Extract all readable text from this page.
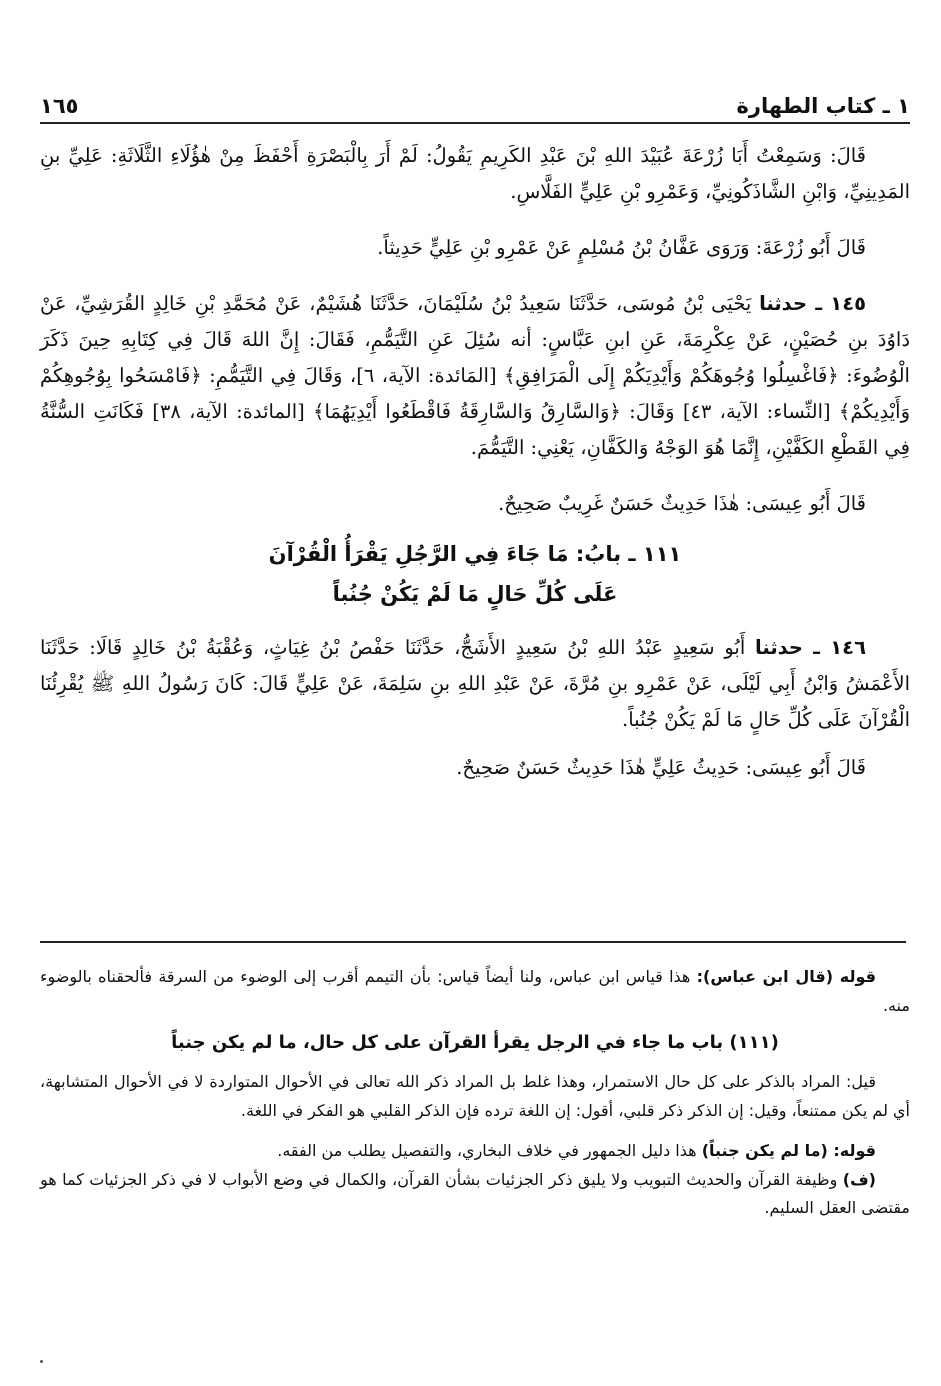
١ ـ كتاب الطهارة
١٦٥

قَالَ: وَسَمِعْتُ أَبَا زُرْعَةَ عُبَيْدَ اللهِ بْنَ عَبْدِ الكَرِيمِ يَقُولُ: لَمْ أَرَ بِالْبَصْرَةِ أَحْفَظَ مِنْ هٰؤُلَاءِ الثَّلَاثَةِ: عَلِيِّ بنِ المَدِينِيِّ، وَابْنِ الشَّاذَكُونِيِّ، وَعَمْرِو بْنِ عَلِيٍّ الفَلَّاسِ.

قَالَ أَبُو زُرْعَةَ: وَرَوَى عَفَّانُ بْنُ مُسْلِمٍ عَنْ عَمْرِو بْنِ عَلِيٍّ حَدِيثاً.

١٤٥ ـ حدثنا يَحْيَى بْنُ مُوسَى، حَدَّثَنَا سَعِيدُ بْنُ سُلَيْمَانَ، حَدَّثَنَا هُشَيْمٌ، عَنْ مُحَمَّدِ بْنِ خَالِدٍ القُرَشِيِّ، عَنْ دَاوُدَ بنِ حُصَيْنٍ، عَنْ عِكْرِمَةَ، عَنِ ابنِ عَبَّاسٍ: أنه سُئِلَ عَنِ التَّيَمُّمِ، فَقَالَ: إِنَّ اللهَ قَالَ فِي كِتَابِهِ حِينَ ذَكَرَ الْوُضُوءَ: ﴿فَاغْسِلُوا وُجُوهَكُمْ وَأَيْدِيَكُمْ إِلَى الْمَرَافِقِ﴾ [المَائدة: الآية، ٦]، وَقَالَ فِي التَّيَمُّمِ: ﴿فَامْسَحُوا بِوُجُوهِكُمْ وَأَيْدِيكُمْ﴾ [النِّساء: الآية، ٤٣] وَقَالَ: ﴿وَالسَّارِقُ وَالسَّارِقَةُ فَاقْطَعُوا أَيْدِيَهُمَا﴾ [المائدة: الآية، ٣٨] فَكَانَتِ السُّنَّةُ فِي القَطْعِ الكَفَّيْنِ، إِنَّمَا هُوَ الوَجْهُ وَالكَفَّانِ، يَعْنِي: التَّيَمُّمَ.

قَالَ أَبُو عِيسَى: هٰذَا حَدِيثٌ حَسَنٌ غَرِيبٌ صَحِيحٌ.

١١١ ـ بابُ: مَا جَاءَ فِي الرَّجُلِ يَقْرَأُ الْقُرْآنَ
عَلَى كُلِّ حَالٍ مَا لَمْ يَكُنْ جُنُباً

١٤٦ ـ حدثنا أَبُو سَعِيدٍ عَبْدُ اللهِ بْنُ سَعِيدٍ الأَشَجُّ، حَدَّثَنَا حَفْصُ بْنُ غِيَاثٍ، وَعُقْبَةُ بْنُ خَالِدٍ قَالَا: حَدَّثَنَا الأَعْمَشُ وَابْنُ أَبِي لَيْلَى، عَنْ عَمْرِو بنِ مُرَّةَ، عَنْ عَبْدِ اللهِ بنِ سَلِمَةَ، عَنْ عَلِيٍّ قَالَ: كَانَ رَسُولُ اللهِ ﷺ يُقْرِئُنَا الْقُرْآنَ عَلَى كُلِّ حَالٍ مَا لَمْ يَكُنْ جُنُباً.

قَالَ أَبُو عِيسَى: حَدِيثُ عَلِيٍّ هٰذَا حَدِيثٌ حَسَنٌ صَحِيحٌ.

قوله (قال ابن عباس): هذا قياس ابن عباس، ولنا أيضاً قياس: بأن التيمم أقرب إلى الوضوء من السرقة فألحقناه بالوضوء منه.

(١١١) باب ما جاء في الرجل يقرأ القرآن على كل حال، ما لم يكن جنباً

قيل: المراد بالذكر على كل حال الاستمرار، وهذا غلط بل المراد ذكر الله تعالى في الأحوال المتواردة لا في الأحوال المتشابهة، أي لم يكن ممتنعاً، وقيل: إن الذكر ذكر قلبي، أقول: إن اللغة ترده فإن الذكر القلبي هو الفكر في اللغة.

قوله: (ما لم يكن جنباً) هذا دليل الجمهور في خلاف البخاري، والتفصيل يطلب من الفقه.

(ف) وظيفة القرآن والحديث التبويب ولا يليق ذكر الجزئيات بشأن القرآن، والكمال في وضع الأبواب لا في ذكر الجزئيات كما هو مقتضى العقل السليم.
